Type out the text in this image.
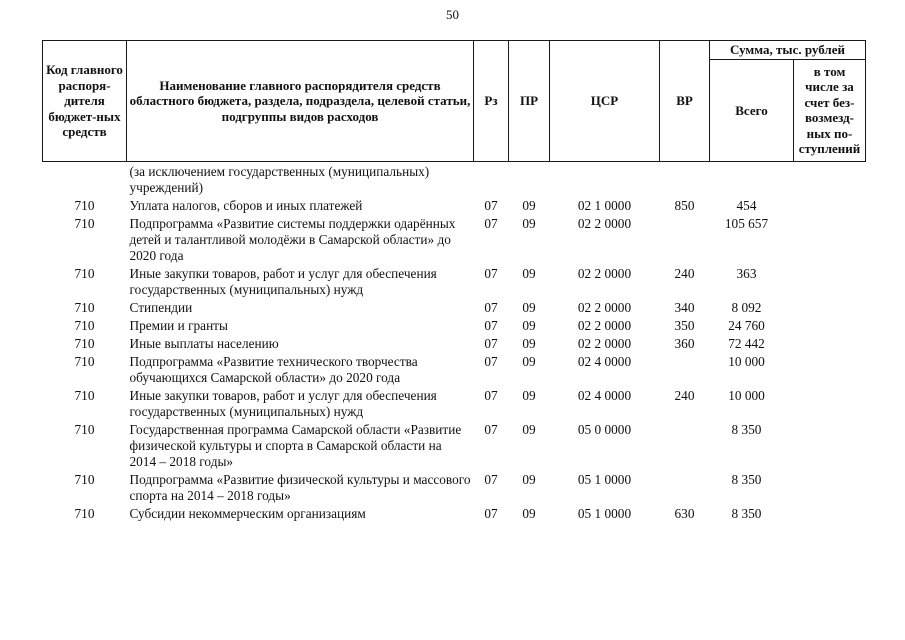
50
Код главного распоря-дителя бюджет-ных средств	Наименование главного распорядителя средств областного бюджета, раздела, подраздела, целевой статьи, подгруппы видов расходов	Рз	ПР	ЦСР	ВР	Сумма, тыс. рублей	
						Всего	в том числе за счет без-возмезд-ных по-ступлений
	(за исключением государственных (муниципальных) учреждений)						
710	Уплата налогов, сборов и иных платежей	07	09	02 1 0000	850	454	
710	Подпрограмма «Развитие системы поддержки одарённых детей и талантливой молодёжи в Самарской области» до 2020 года	07	09	02 2 0000		105 657	
710	Иные закупки товаров, работ и услуг для обеспечения государственных (муниципальных) нужд	07	09	02 2 0000	240	363	
710	Стипендии	07	09	02 2 0000	340	8 092	
710	Премии и гранты	07	09	02 2 0000	350	24 760	
710	Иные выплаты населению	07	09	02 2 0000	360	72 442	
710	Подпрограмма «Развитие технического творчества обучающихся Самарской области» до 2020 года	07	09	02 4 0000		10 000	
710	Иные закупки товаров, работ и услуг для обеспечения государственных (муниципальных) нужд	07	09	02 4 0000	240	10 000	
710	Государственная программа Самарской области «Развитие физической культуры и спорта в Самарской области на 2014 – 2018 годы»	07	09	05 0 0000		8 350	
710	Подпрограмма «Развитие физической культуры и массового спорта на 2014 – 2018 годы»	07	09	05 1 0000		8 350	
710	Субсидии некоммерческим организациям	07	09	05 1 0000	630	8 350	
